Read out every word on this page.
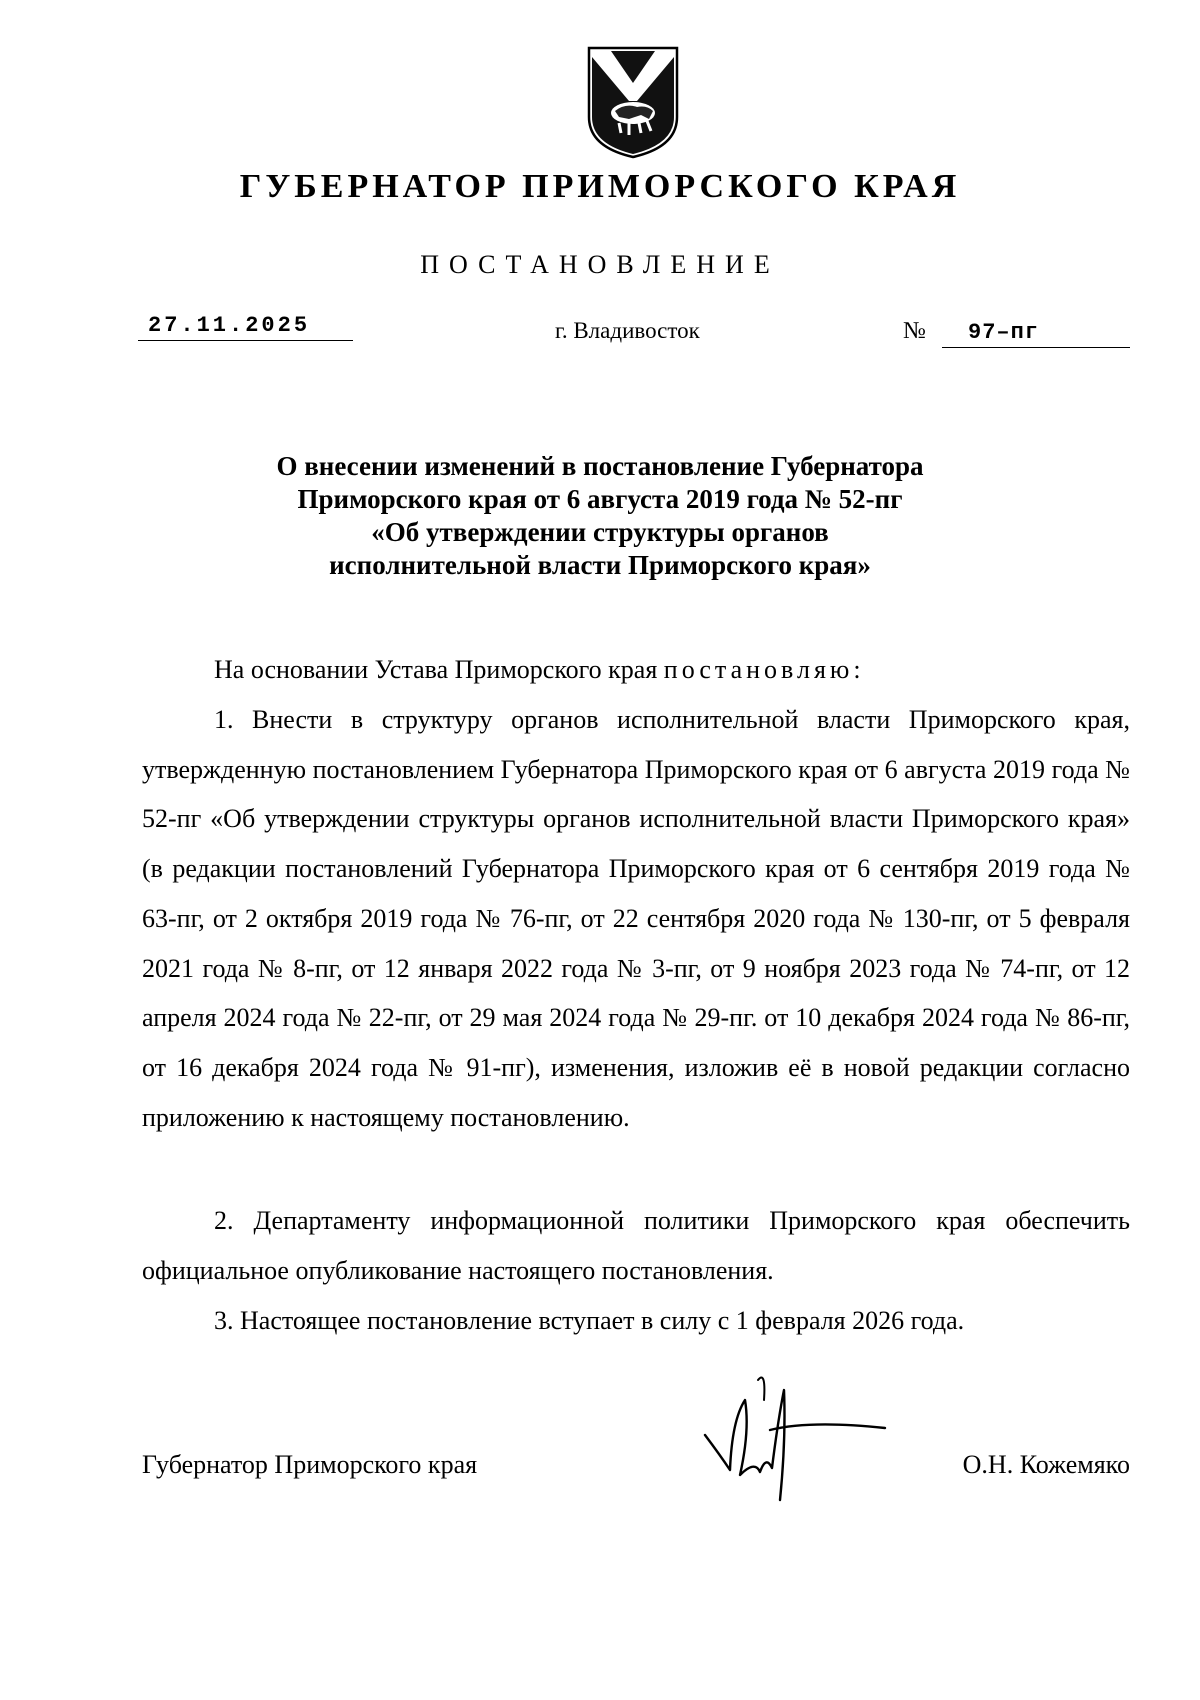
ГУБЕРНАТОР ПРИМОРСКОГО КРАЯ
ПОСТАНОВЛЕНИЕ
27.11.2025	г. Владивосток	№	97–пг
О внесении изменений в постановление Губернатора
Приморского края от 6 августа 2019 года № 52-пг
«Об утверждении структуры органов
исполнительной власти Приморского края»

На основании Устава Приморского края постановляю:

1. Внести в структуру органов исполнительной власти Приморского края, утвержденную постановлением Губернатора Приморского края от 6 августа 2019 года № 52-пг «Об утверждении структуры органов исполнительной власти Приморского края» (в редакции постановлений Губернатора Приморского края от 6 сентября 2019 года № 63-пг, от 2 октября 2019 года № 76-пг, от 22 сентября 2020 года № 130-пг, от 5 февраля 2021 года № 8-пг, от 12 января 2022 года № 3-пг, от 9 ноября 2023 года № 74-пг, от 12 апреля 2024 года № 22-пг, от 29 мая 2024 года № 29-пг. от 10 декабря 2024 года № 86-пг, от 16 декабря 2024 года № 91-пг), изменения, изложив её в новой редакции согласно приложению к настоящему постановлению.

2. Департаменту информационной политики Приморского края обеспечить официальное опубликование настоящего постановления.

3. Настоящее постановление вступает в силу с 1 февраля 2026 года.

Губернатор Приморского края	О.Н. Кожемяко
